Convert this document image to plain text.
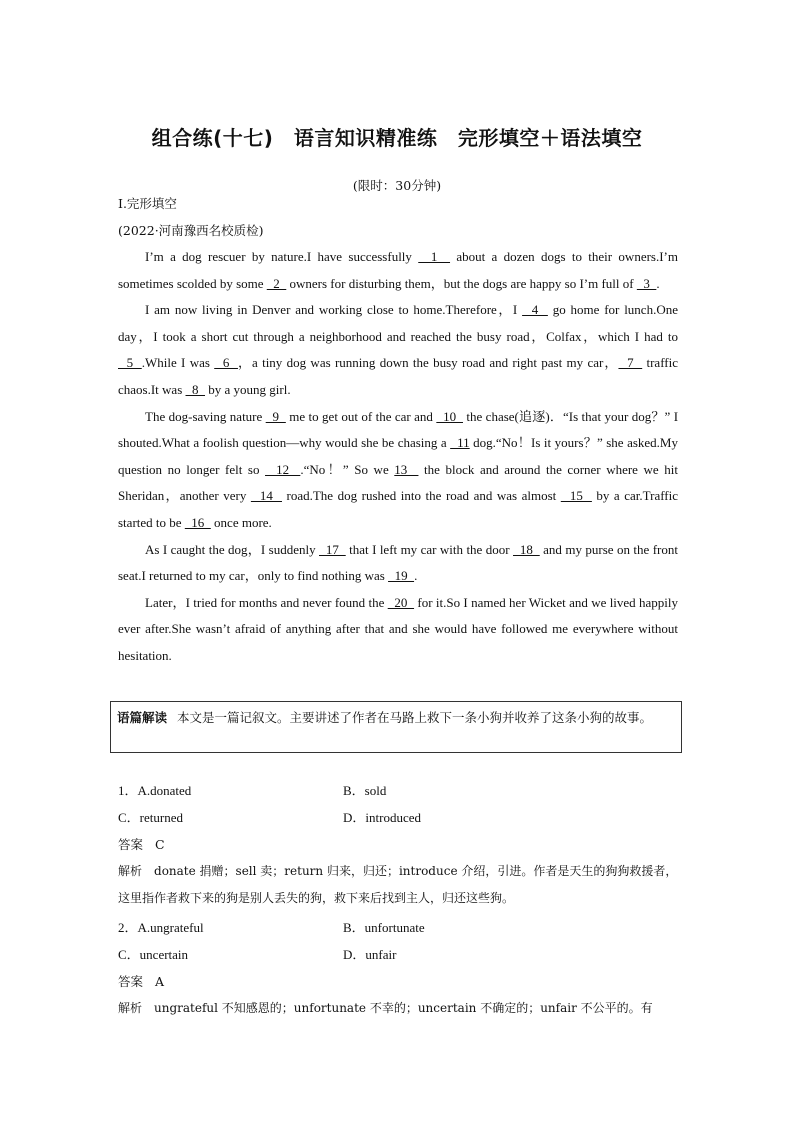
组合练(十七)　语言知识精准练　完形填空＋语法填空
(限时：30分钟)
Ⅰ.完形填空
(2022·河南豫西名校质检)

I’m a dog rescuer by nature.I have successfully   1   about a dozen dogs to their owners.I’m sometimes scolded by some   2   owners for disturbing them，but the dogs are happy so I’m full of   3  .

I am now living in Denver and working close to home.Therefore，I   4   go home for lunch.One day，I took a short cut through a neighborhood and reached the busy road，Colfax，which I had to   5  .While I was   6  ，a tiny dog was running down the busy road and right past my car，  7   traffic chaos.It was   8   by a young girl.

The dog-saving nature   9   me to get out of the car and   10   the chase(追逐)．“Is that your dog？” I shouted.What a foolish question—why would she be chasing a   11 dog.“No！Is it yours？” she asked.My question no longer felt so   12  .“No！” So we 13   the block and around the corner where we hit Sheridan，another very   14   road.The dog rushed into the road and was almost   15   by a car.Traffic started to be   16   once more.

As I caught the dog，I suddenly   17   that I left my car with the door   18   and my purse on the front seat.I returned to my car，only to find nothing was   19  .

Later，I tried for months and never found the   20   for it.So I named her Wicket and we lived happily ever after.She wasn’t afraid of anything after that and she would have followed me everywhere without hesitation.

语篇解读 本文是一篇记叙文。主要讲述了作者在马路上救下一条小狗并收养了这条小狗的故事。
1．A.donated	B．sold
C．returned	D．introduced
答案 C
解析 donate 捐赠；sell 卖；return 归来，归还；introduce 介绍，引进。作者是天生的狗狗救援者，这里指作者救下来的狗是别人丢失的狗，救下来后找到主人，归还这些狗。
2．A.ungrateful	B．unfortunate
C．uncertain	D．unfair
答案 A
解析 ungrateful 不知感恩的；unfortunate 不幸的；uncertain 不确定的；unfair 不公平的。有
